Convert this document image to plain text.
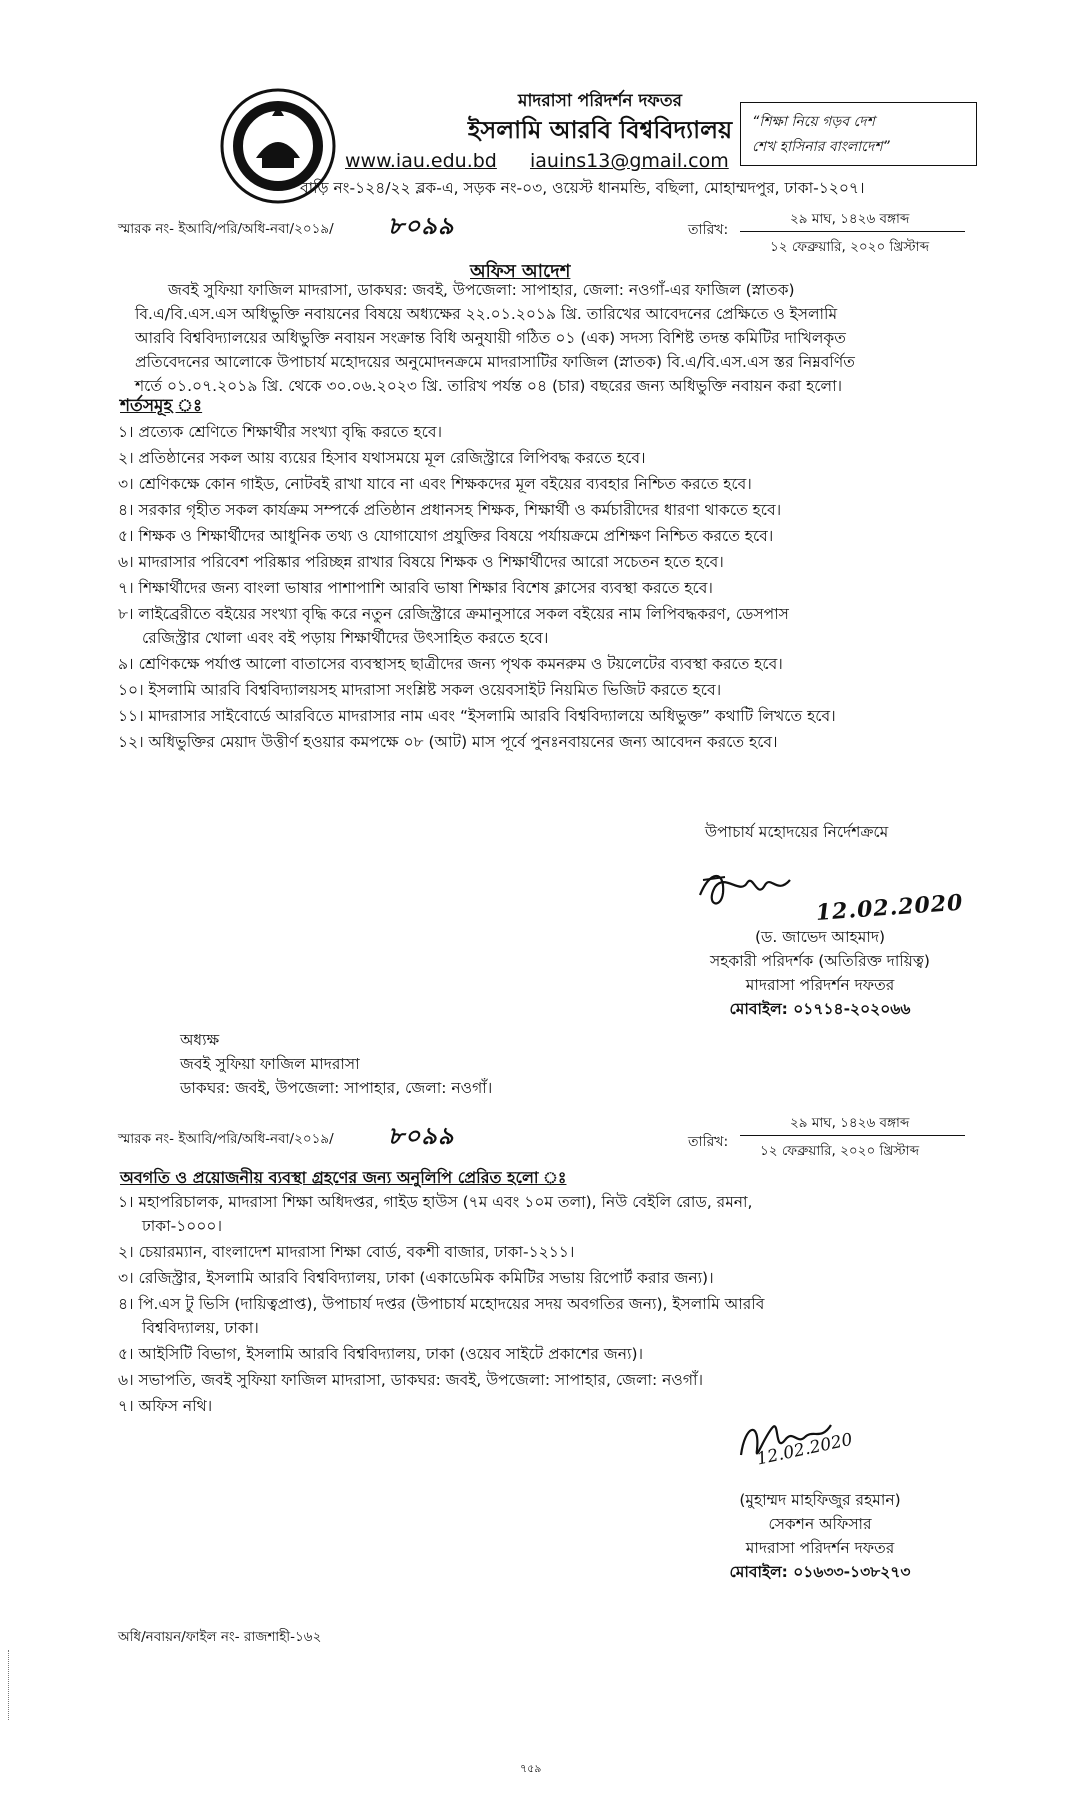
মাদরাসা পরিদর্শন দফতর
ইসলামি আরবি বিশ্ববিদ্যালয়
www.iau.edu.bd iauins13@gmail.com
বাড়ি নং-১২৪/২২ ব্লক-এ, সড়ক নং-০৩, ওয়েস্ট ধানমন্ডি, বছিলা, মোহাম্মদপুর, ঢাকা-১২০৭।
“শিক্ষা নিয়ে গড়ব দেশ
শেখ হাসিনার বাংলাদেশ”
স্মারক নং- ইআবি/পরি/অধি-নবা/২০১৯/ ৮০৯৯	তারিখ:
২৯ মাঘ, ১৪২৬ বঙ্গাব্দ
১২ ফেব্রুয়ারি, ২০২০ খ্রিস্টাব্দ
অফিস আদেশ
জবই সুফিয়া ফাজিল মাদরাসা, ডাকঘর: জবই, উপজেলা: সাপাহার, জেলা: নওগাঁ-এর ফাজিল (স্নাতক)
বি.এ/বি.এস.এস অধিভুক্তি নবায়নের বিষয়ে অধ্যক্ষের ২২.০১.২০১৯ খ্রি. তারিখের আবেদনের প্রেক্ষিতে ও ইসলামি
আরবি বিশ্ববিদ্যালয়ের অধিভুক্তি নবায়ন সংক্রান্ত বিধি অনুযায়ী গঠিত ০১ (এক) সদস্য বিশিষ্ট তদন্ত কমিটির দাখিলকৃত
প্রতিবেদনের আলোকে উপাচার্য মহোদয়ের অনুমোদনক্রমে মাদরাসাটির ফাজিল (স্নাতক) বি.এ/বি.এস.এস স্তর নিম্নবর্ণিত
শর্তে ০১.০৭.২০১৯ খ্রি. থেকে ৩০.০৬.২০২৩ খ্রি. তারিখ পর্যন্ত ০৪ (চার) বছরের জন্য অধিভুক্তি নবায়ন করা হলো।
শর্তসমূহ ঃ
১। প্রত্যেক শ্রেণিতে শিক্ষার্থীর সংখ্যা বৃদ্ধি করতে হবে।
২। প্রতিষ্ঠানের সকল আয় ব্যয়ের হিসাব যথাসময়ে মূল রেজিস্ট্রারে লিপিবদ্ধ করতে হবে।
৩। শ্রেণিকক্ষে কোন গাইড, নোটবই রাখা যাবে না এবং শিক্ষকদের মূল বইয়ের ব্যবহার নিশ্চিত করতে হবে।
৪। সরকার গৃহীত সকল কার্যক্রম সম্পর্কে প্রতিষ্ঠান প্রধানসহ শিক্ষক, শিক্ষার্থী ও কর্মচারীদের ধারণা থাকতে হবে।
৫। শিক্ষক ও শিক্ষার্থীদের আধুনিক তথ্য ও যোগাযোগ প্রযুক্তির বিষয়ে পর্যায়ক্রমে প্রশিক্ষণ নিশ্চিত করতে হবে।
৬। মাদরাসার পরিবেশ পরিষ্কার পরিচ্ছন্ন রাখার বিষয়ে শিক্ষক ও শিক্ষার্থীদের আরো সচেতন হতে হবে।
৭। শিক্ষার্থীদের জন্য বাংলা ভাষার পাশাপাশি আরবি ভাষা শিক্ষার বিশেষ ক্লাসের ব্যবস্থা করতে হবে।
৮। লাইব্রেরীতে বইয়ের সংখ্যা বৃদ্ধি করে নতুন রেজিস্ট্রারে ক্রমানুসারে সকল বইয়ের নাম লিপিবদ্ধকরণ, ডেসপাস
রেজিস্ট্রার খোলা এবং বই পড়ায় শিক্ষার্থীদের উৎসাহিত করতে হবে।
৯। শ্রেণিকক্ষে পর্যাপ্ত আলো বাতাসের ব্যবস্থাসহ ছাত্রীদের জন্য পৃথক কমনরুম ও টয়লেটের ব্যবস্থা করতে হবে।
১০। ইসলামি আরবি বিশ্ববিদ্যালয়সহ মাদরাসা সংশ্লিষ্ট সকল ওয়েবসাইট নিয়মিত ভিজিট করতে হবে।
১১। মাদরাসার সাইবোর্ডে আরবিতে মাদরাসার নাম এবং “ইসলামি আরবি বিশ্ববিদ্যালয়ে অধিভুক্ত” কথাটি লিখতে হবে।
১২। অধিভুক্তির মেয়াদ উত্তীর্ণ হওয়ার কমপক্ষে ০৮ (আট) মাস পূর্বে পুনঃনবায়নের জন্য আবেদন করতে হবে।
উপাচার্য মহোদয়ের নির্দেশক্রমে
12.02.2020
(ড. জাভেদ আহমাদ)
সহকারী পরিদর্শক (অতিরিক্ত দায়িত্ব)
মাদরাসা পরিদর্শন দফতর
মোবাইল: ০১৭১৪-২০২০৬৬
অধ্যক্ষ
জবই সুফিয়া ফাজিল মাদরাসা
ডাকঘর: জবই, উপজেলা: সাপাহার, জেলা: নওগাঁ।
স্মারক নং- ইআবি/পরি/অধি-নবা/২০১৯/ ৮০৯৯	তারিখ:
২৯ মাঘ, ১৪২৬ বঙ্গাব্দ
১২ ফেব্রুয়ারি, ২০২০ খ্রিস্টাব্দ
অবগতি ও প্রয়োজনীয় ব্যবস্থা গ্রহণের জন্য অনুলিপি প্রেরিত হলো ঃ
১। মহাপরিচালক, মাদরাসা শিক্ষা অধিদপ্তর, গাইড হাউস (৭ম এবং ১০ম তলা), নিউ বেইলি রোড, রমনা,
ঢাকা-১০০০।
২। চেয়ারম্যান, বাংলাদেশ মাদরাসা শিক্ষা বোর্ড, বকশী বাজার, ঢাকা-১২১১।
৩। রেজিস্ট্রার, ইসলামি আরবি বিশ্ববিদ্যালয়, ঢাকা (একাডেমিক কমিটির সভায় রিপোর্ট করার জন্য)।
৪। পি.এস টু ভিসি (দায়িত্বপ্রাপ্ত), উপাচার্য দপ্তর (উপাচার্য মহোদয়ের সদয় অবগতির জন্য), ইসলামি আরবি
বিশ্ববিদ্যালয়, ঢাকা।
৫। আইসিটি বিভাগ, ইসলামি আরবি বিশ্ববিদ্যালয়, ঢাকা (ওয়েব সাইটে প্রকাশের জন্য)।
৬। সভাপতি, জবই সুফিয়া ফাজিল মাদরাসা, ডাকঘর: জবই, উপজেলা: সাপাহার, জেলা: নওগাঁ।
৭। অফিস নথি।
12.02.2020
(মুহাম্মদ মাহফিজুর রহমান)
সেকশন অফিসার
মাদরাসা পরিদর্শন দফতর
মোবাইল: ০১৬৩৩-১৩৮২৭৩
অধি/নবায়ন/ফাইল নং- রাজশাহী-১৬২
৭৫৯
